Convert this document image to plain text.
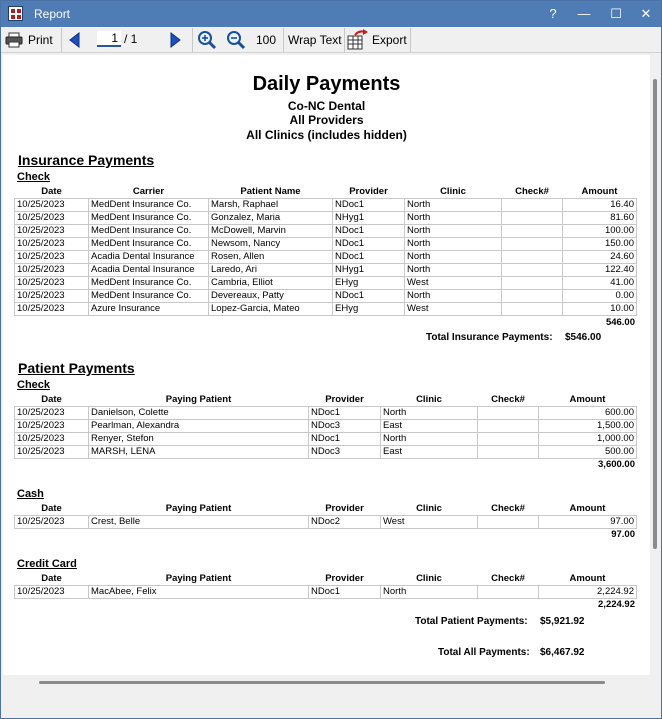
Report	?	—	☐	✕
Print
1	/ 1	100 Wrap Text	Export
Daily Payments
Co-NC Dental
All Providers
All Clinics (includes hidden)
Insurance Payments
Check
Date	Carrier	Patient Name	Provider	Clinic	Check#	Amount
10/25/2023	MedDent Insurance Co.	Marsh, Raphael	NDoc1	North		16.40
10/25/2023	MedDent Insurance Co.	Gonzalez, Maria	NHyg1	North		81.60
10/25/2023	MedDent Insurance Co.	McDowell, Marvin	NDoc1	North		100.00
10/25/2023	MedDent Insurance Co.	Newsom, Nancy	NDoc1	North		150.00
10/25/2023	Acadia Dental Insurance	Rosen, Allen	NDoc1	North		24.60
10/25/2023	Acadia Dental Insurance	Laredo, Ari	NHyg1	North		122.40
10/25/2023	MedDent Insurance Co.	Cambria, Elliot	EHyg	West		41.00
10/25/2023	MedDent Insurance Co.	Devereaux, Patty	NDoc1	North		0.00
10/25/2023	Azure Insurance	Lopez-Garcia, Mateo	EHyg	West		10.00
546.00
Total Insurance Payments: $546.00
Patient Payments
Check
Date	Paying Patient	Provider	Clinic	Check#	Amount
10/25/2023	Danielson, Colette	NDoc1	North		600.00
10/25/2023	Pearlman, Alexandra	NDoc3	East		1,500.00
10/25/2023	Renyer, Stefon	NDoc1	North		1,000.00
10/25/2023	MARSH, LENA	NDoc3	East		500.00
3,600.00
Cash
Date	Paying Patient	Provider	Clinic	Check#	Amount
10/25/2023	Crest, Belle	NDoc2	West		97.00
97.00
Credit Card
Date	Paying Patient	Provider	Clinic	Check#	Amount
10/25/2023	MacAbee, Felix	NDoc1	North		2,224.92
2,224.92
Total Patient Payments: $5,921.92
Total All Payments: $6,467.92
